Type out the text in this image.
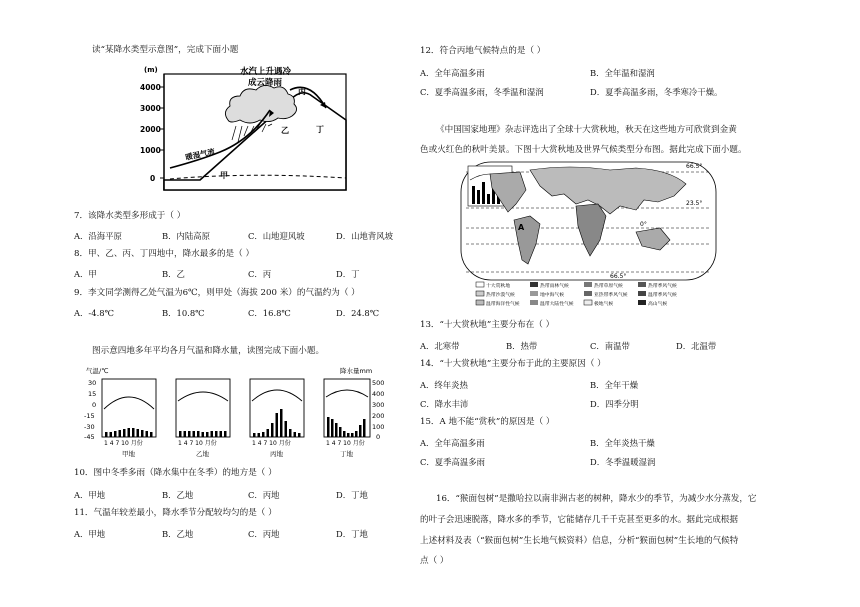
读“某降水类型示意图”，完成下面小题
(m)
4000
3000
2000
1000
0
水汽上升遇冷
成云降雨
暖湿气流
甲
乙
丙
丁
7．该降水类型多形成于（ ）
A．沿海平原	B．内陆高原	C．山地迎风坡	D．山地背风坡
8．甲、乙、丙、丁四地中，降水最多的是（ ）
A．甲	B．乙	C．丙	D．丁
9．李文同学测得乙处气温为6℃，则甲处（海拔 200 米）的气温约为（ ）
A．-4.8℃	B．10.8℃	C．16.8℃	D．24.8℃
图示意四地多年平均各月气温和降水量，读图完成下面小题。
气温/℃	降水量mm
30
15
0
-15
-30
-45
500
400
300
200
100
0
1 4 7 10 月份
甲地
1 4 7 10 月份
乙地
1 4 7 10 月份
丙地
1 4 7 10 月份
丁地
10．图中冬季多雨（降水集中在冬季）的地方是（ ）
A．甲地	B．乙地	C．丙地	D．丁地
11．气温年较差最小，降水季节分配较均匀的是（ ）
A．甲地	B．乙地	C．丙地	D．丁地
12．符合丙地气候特点的是（ ）
A．全年高温多雨	B．全年温和湿润
C．夏季高温多雨，冬季温和湿润	D．夏季高温多雨，冬季寒冷干燥。
《中国国家地理》杂志评选出了全球十大赏秋地，秋天在这些地方可欣赏到金黄
色或火红色的秋叶美景。下图十大赏秋地及世界气候类型分布图。据此完成下面小题。
66.5°
23.5°
0°
66.5°
A
十大赏秋地	热带雨林气候	热带草原气候	热带季风气候
热带沙漠气候	地中海气候	亚热带季风气候	温带季风气候
温带海洋性气候	温带大陆性气候	极地气候	高山气候
13．“十大赏秋地”主要分布在（ ）
A．北寒带	B．热带	C．南温带	D．北温带
14．“十大赏秋地”主要分布于此的主要原因（ ）
A．终年炎热	B．全年干燥
C．降水丰沛	D．四季分明
15．A 地不能“赏秋”的原因是（ ）
A．全年高温多雨	B．全年炎热干燥
C．夏季高温多雨	D．冬季温暖湿润
16．“猴面包树”是撒哈拉以南非洲古老的树种，降水少的季节，为减少水分蒸发，它
的叶子会迅速脱落，降水多的季节，它能储存几千千克甚至更多的水。据此完成根据
上述材料及表（“猴面包树”生长地气候资料）信息，分析“猴面包树”生长地的气候特
点（ ）
